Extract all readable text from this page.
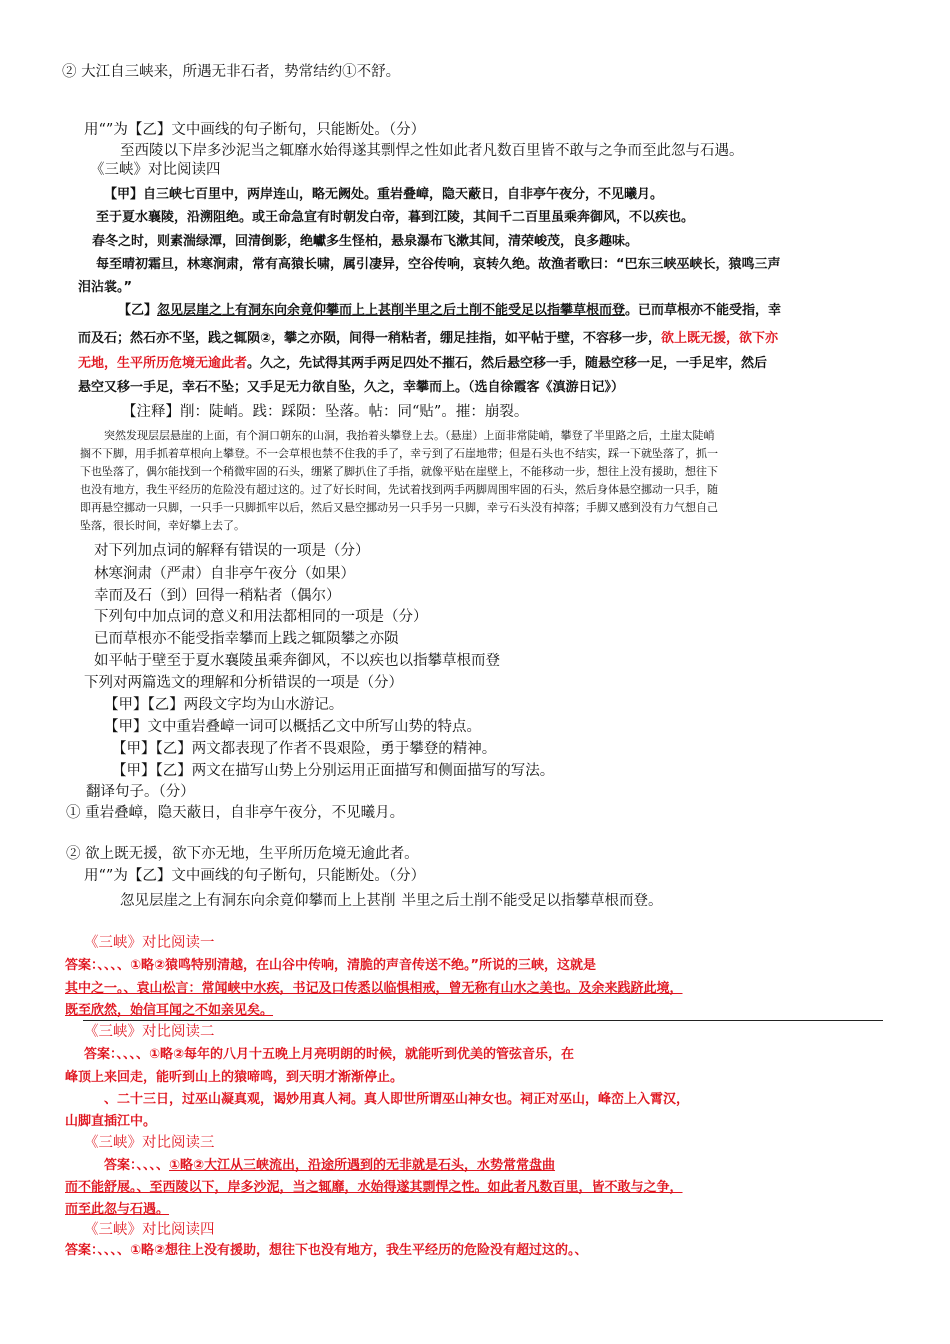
② 大江自三峡来，所遇无非石者，势常结约①不舒。
用“”为【乙】文中画线的句子断句，只能断处。（分）
至西陵以下岸多沙泥当之辄靡水始得遂其剽悍之性如此者凡数百里皆不敢与之争而至此忽与石遇。
《三峡》对比阅读四
【甲】自三峡七百里中，两岸连山，略无阙处。重岩叠嶂，隐天蔽日，自非亭午夜分，不见曦月。
至于夏水襄陵，沿溯阻绝。或王命急宣有时朝发白帝，暮到江陵，其间千二百里虽乘奔御风，不以疾也。
春冬之时，则素湍绿潭，回清倒影，绝巘多生怪柏，悬泉瀑布飞漱其间，清荣峻茂，良多趣味。
每至晴初霜旦，林寒涧肃，常有高猿长啸，属引凄异，空谷传响，哀转久绝。故渔者歌曰：“巴东三峡巫峡长，猿鸣三声
泪沾裳。”
【乙】忽见层崖之上有洞东向余竟仰攀而上上甚削半里之后土削不能受足以指攀草根而登。已而草根亦不能受指，幸
而及石；然石亦不坚，践之辄陨②，攀之亦陨，间得一稍粘者，绷足挂指，如平帖于壁，不容移一步，欲上既无援，欲下亦
无地，生平所历危境无逾此者。久之，先试得其两手两足四处不摧石，然后悬空移一手，随悬空移一足，一手足牢，然后
悬空又移一手足，幸石不坠；又手足无力欲自坠，久之，幸攀而上。（选自徐霞客《滇游日记》）
【注释】削：陡峭。践：踩陨：坠落。帖：同“贴”。摧：崩裂。
突然发现层层悬崖的上面，有个洞口朝东的山洞，我抬着头攀登上去。（悬崖）上面非常陡峭，攀登了半里路之后，土崖太陡峭
搁不下脚，用手抓着草根向上攀登。不一会草根也禁不住我的手了，幸亏到了石崖地带；但是石头也不结实，踩一下就坠落了，抓一
下也坠落了，偶尔能找到一个稍微牢固的石头，绷紧了脚扒住了手指，就像平贴在崖壁上，不能移动一步，想往上没有援助，想往下
也没有地方，我生平经历的危险没有超过这的。过了好长时间，先试着找到两手两脚周围牢固的石头，然后身体悬空挪动一只手，随
即再悬空挪动一只脚，一只手一只脚抓牢以后，然后又悬空挪动另一只手另一只脚，幸亏石头没有掉落；手脚又感到没有力气想自己
坠落，很长时间，幸好攀上去了。
对下列加点词的解释有错误的一项是（分）
林寒涧肃（严肃）自非亭午夜分（如果）
幸而及石（到）回得一稍粘者（偶尔）
下列句中加点词的意义和用法都相同的一项是（分）
已而草根亦不能受指幸攀而上践之辄陨攀之亦陨
如平帖于壁至于夏水襄陵虽乘奔御风，不以疾也以指攀草根而登
下列对两篇选文的理解和分析错误的一项是（分）
【甲】【乙】两段文字均为山水游记。
【甲】文中重岩叠嶂一词可以概括乙文中所写山势的特点。
【甲】【乙】两文都表现了作者不畏艰险，勇于攀登的精神。
【甲】【乙】两文在描写山势上分别运用正面描写和侧面描写的写法。
翻译句子。（分）
① 重岩叠嶂，隐天蔽日，自非亭午夜分，不见曦月。
② 欲上既无援，欲下亦无地，生平所历危境无逾此者。
用“”为【乙】文中画线的句子断句，只能断处。（分）
忽见层崖之上有洞东向余竟仰攀而上上甚削 半里之后土削不能受足以指攀草根而登。
《三峡》对比阅读一
答案：、、、、①略②猿鸣特别清越，在山谷中传响，清脆的声音传送不绝。”所说的三峡，这就是
其中之一。、袁山松言：常闻峡中水疾，书记及口传悉以临惧相戒，曾无称有山水之美也。及余来践跻此境，
既至欣然，始信耳闻之不如亲见矣。
《三峡》对比阅读二
答案：、、、、①略②每年的八月十五晚上月亮明朗的时候，就能听到优美的管弦音乐，在
峰顶上来回走，能听到山上的猿啼鸣，到天明才渐渐停止。
、二十三日，过巫山凝真观，谒妙用真人祠。真人即世所谓巫山神女也。祠正对巫山，峰峦上入霄汉，
山脚直插江中。
《三峡》对比阅读三
答案：、、、、①略②大江从三峡流出，沿途所遇到的无非就是石头，水势常常盘曲
而不能舒展。、至西陵以下，岸多沙泥，当之辄靡，水始得遂其剽悍之性。如此者凡数百里，皆不敢与之争，
而至此忽与石遇。
《三峡》对比阅读四
答案：、、、、①略②想往上没有援助，想往下也没有地方，我生平经历的危险没有超过这的。、
